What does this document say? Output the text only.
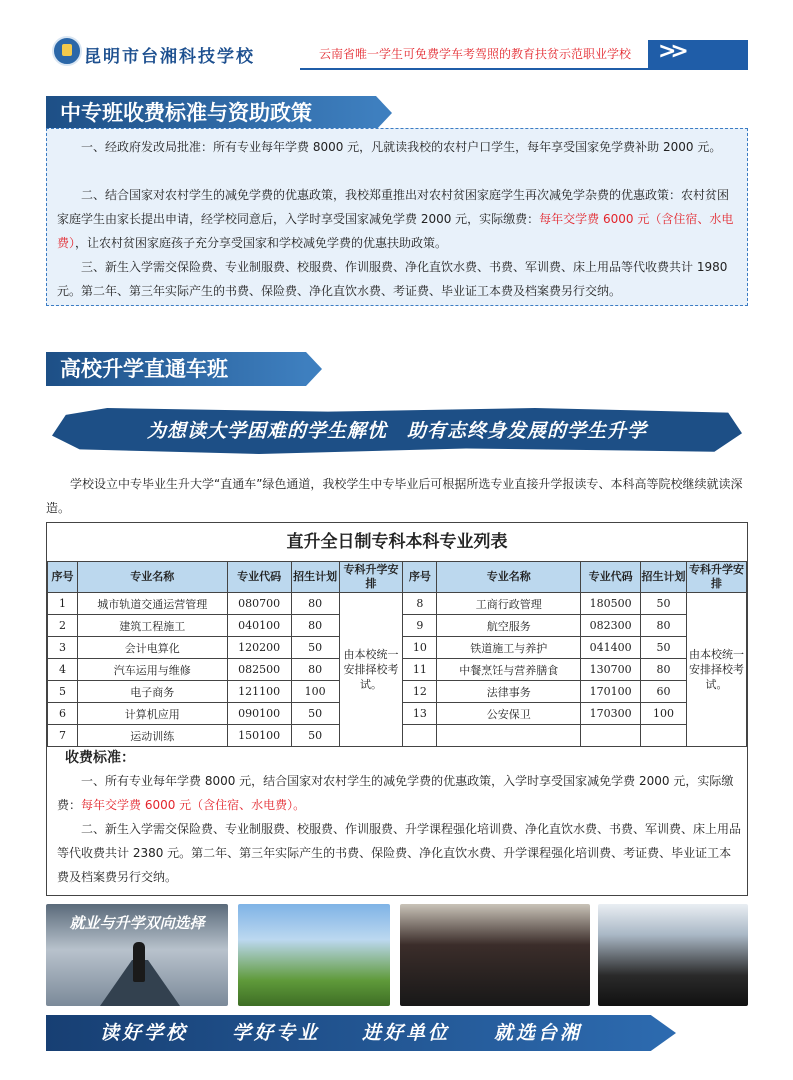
昆明市台湘科技学校	云南省唯一学生可免费学车考驾照的教育扶贫示范职业学校	>>
中专班收费标准与资助政策
一、经政府发改局批准：所有专业每年学费 8000 元，凡就读我校的农村户口学生，每年享受国家免学费补助 2000 元。
二、结合国家对农村学生的减免学费的优惠政策，我校郑重推出对农村贫困家庭学生再次减免学杂费的优惠政策：农村贫困家庭学生由家长提出申请，经学校同意后，入学时享受国家减免学费 2000 元，实际缴费：每年交学费 6000 元（含住宿、水电费），让农村贫困家庭孩子充分享受国家和学校减免学费的优惠扶助政策。
三、新生入学需交保险费、专业制服费、校服费、作训服费、净化直饮水费、书费、军训费、床上用品等代收费共计 1980 元。第二年、第三年实际产生的书费、保险费、净化直饮水费、考证费、毕业证工本费及档案费另行交纳。
高校升学直通车班
为想读大学困难的学生解忧　助有志终身发展的学生升学
学校设立中专毕业生升大学“直通车”绿色通道，我校学生中专毕业后可根据所选专业直接升学报读专、本科高等院校继续就读深造。
直升全日制专科本科专业列表
序号	专业名称	专业代码	招生计划	专科升学安排	序号	专业名称	专业代码	招生计划	专科升学安排
1	城市轨道交通运营管理	080700	80	由本校统一安排择校考试。	8	工商行政管理	180500	50	由本校统一安排择校考试。
2	建筑工程施工	040100	80		9	航空服务	082300	80	
3	会计电算化	120200	50		10	铁道施工与养护	041400	50	
4	汽车运用与维修	082500	80		11	中餐烹饪与营养膳食	130700	80	
5	电子商务	121100	100		12	法律事务	170100	60	
6	计算机应用	090100	50		13	公安保卫	170300	100	
7	运动训练	150100	50						
收费标准：
一、所有专业每年学费 8000 元，结合国家对农村学生的减免学费的优惠政策，入学时享受国家减免学费 2000 元，实际缴费：每年交学费 6000 元（含住宿、水电费）。
二、新生入学需交保险费、专业制服费、校服费、作训服费、升学课程强化培训费、净化直饮水费、书费、军训费、床上用品等代收费共计 2380 元。第二年、第三年实际产生的书费、保险费、净化直饮水费、升学课程强化培训费、考证费、毕业证工本费及档案费另行交纳。
就业与升学双向选择
读好学校 学好专业 进好单位 就选台湘
